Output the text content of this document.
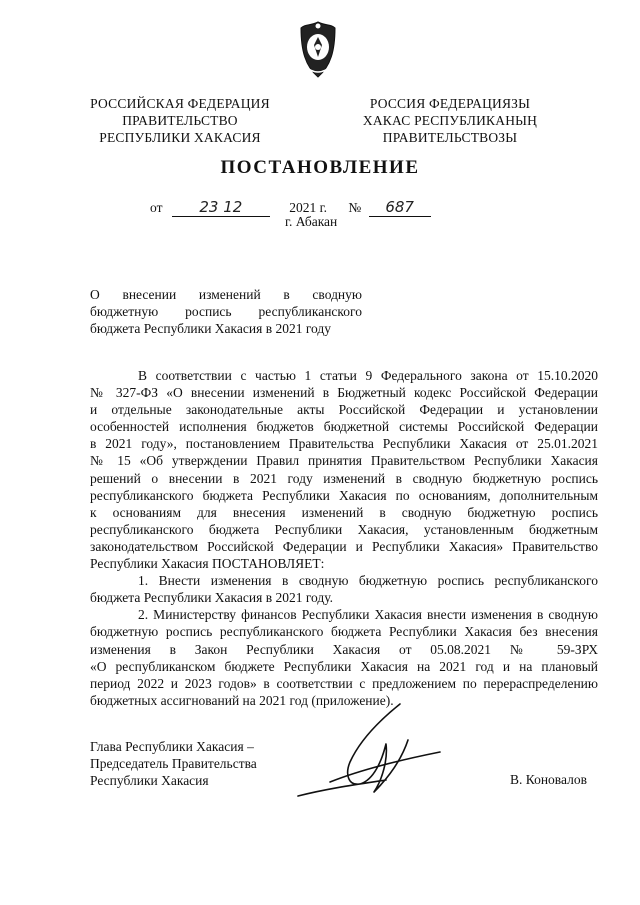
РОССИЙСКАЯ ФЕДЕРАЦИЯ
ПРАВИТЕЛЬСТВО
РЕСПУБЛИКИ ХАКАСИЯ
РОССИЯ ФЕДЕРАЦИЯЗЫ
ХАКАС РЕСПУБЛИКАНЫҢ
ПРАВИТЕЛЬСТВОЗЫ
ПОСТАНОВЛЕНИЕ
от 23 12	2021 г. № 687
г. Абакан
О внесении изменений в сводную
бюджетную роспись республиканского
бюджета Республики Хакасия в 2021 году
В соответствии с частью 1 статьи 9 Федерального закона от 15.10.2020
№ 327-ФЗ «О внесении изменений в Бюджетный кодекс Российской Федерации
и отдельные законодательные акты Российской Федерации и установлении
особенностей исполнения бюджетов бюджетной системы Российской Федерации
в 2021 году», постановлением Правительства Республики Хакасия от 25.01.2021
№ 15 «Об утверждении Правил принятия Правительством Республики Хакасия
решений о внесении в 2021 году изменений в сводную бюджетную роспись
республиканского бюджета Республики Хакасия по основаниям, дополнительным
к основаниям для внесения изменений в сводную бюджетную роспись
республиканского бюджета Республики Хакасия, установленным бюджетным
законодательством Российской Федерации и Республики Хакасия» Правительство
Республики Хакасия ПОСТАНОВЛЯЕТ:
1. Внести изменения в сводную бюджетную роспись республиканского
бюджета Республики Хакасия в 2021 году.
2. Министерству финансов Республики Хакасия внести изменения в сводную
бюджетную роспись республиканского бюджета Республики Хакасия без внесения
изменения в Закон Республики Хакасия от 05.08.2021 № 59-ЗРХ
«О республиканском бюджете Республики Хакасия на 2021 год и на плановый
период 2022 и 2023 годов» в соответствии с предложением по перераспределению
бюджетных ассигнований на 2021 год (приложение).
Глава Республики Хакасия –
Председатель Правительства
Республики Хакасия	В. Коновалов
